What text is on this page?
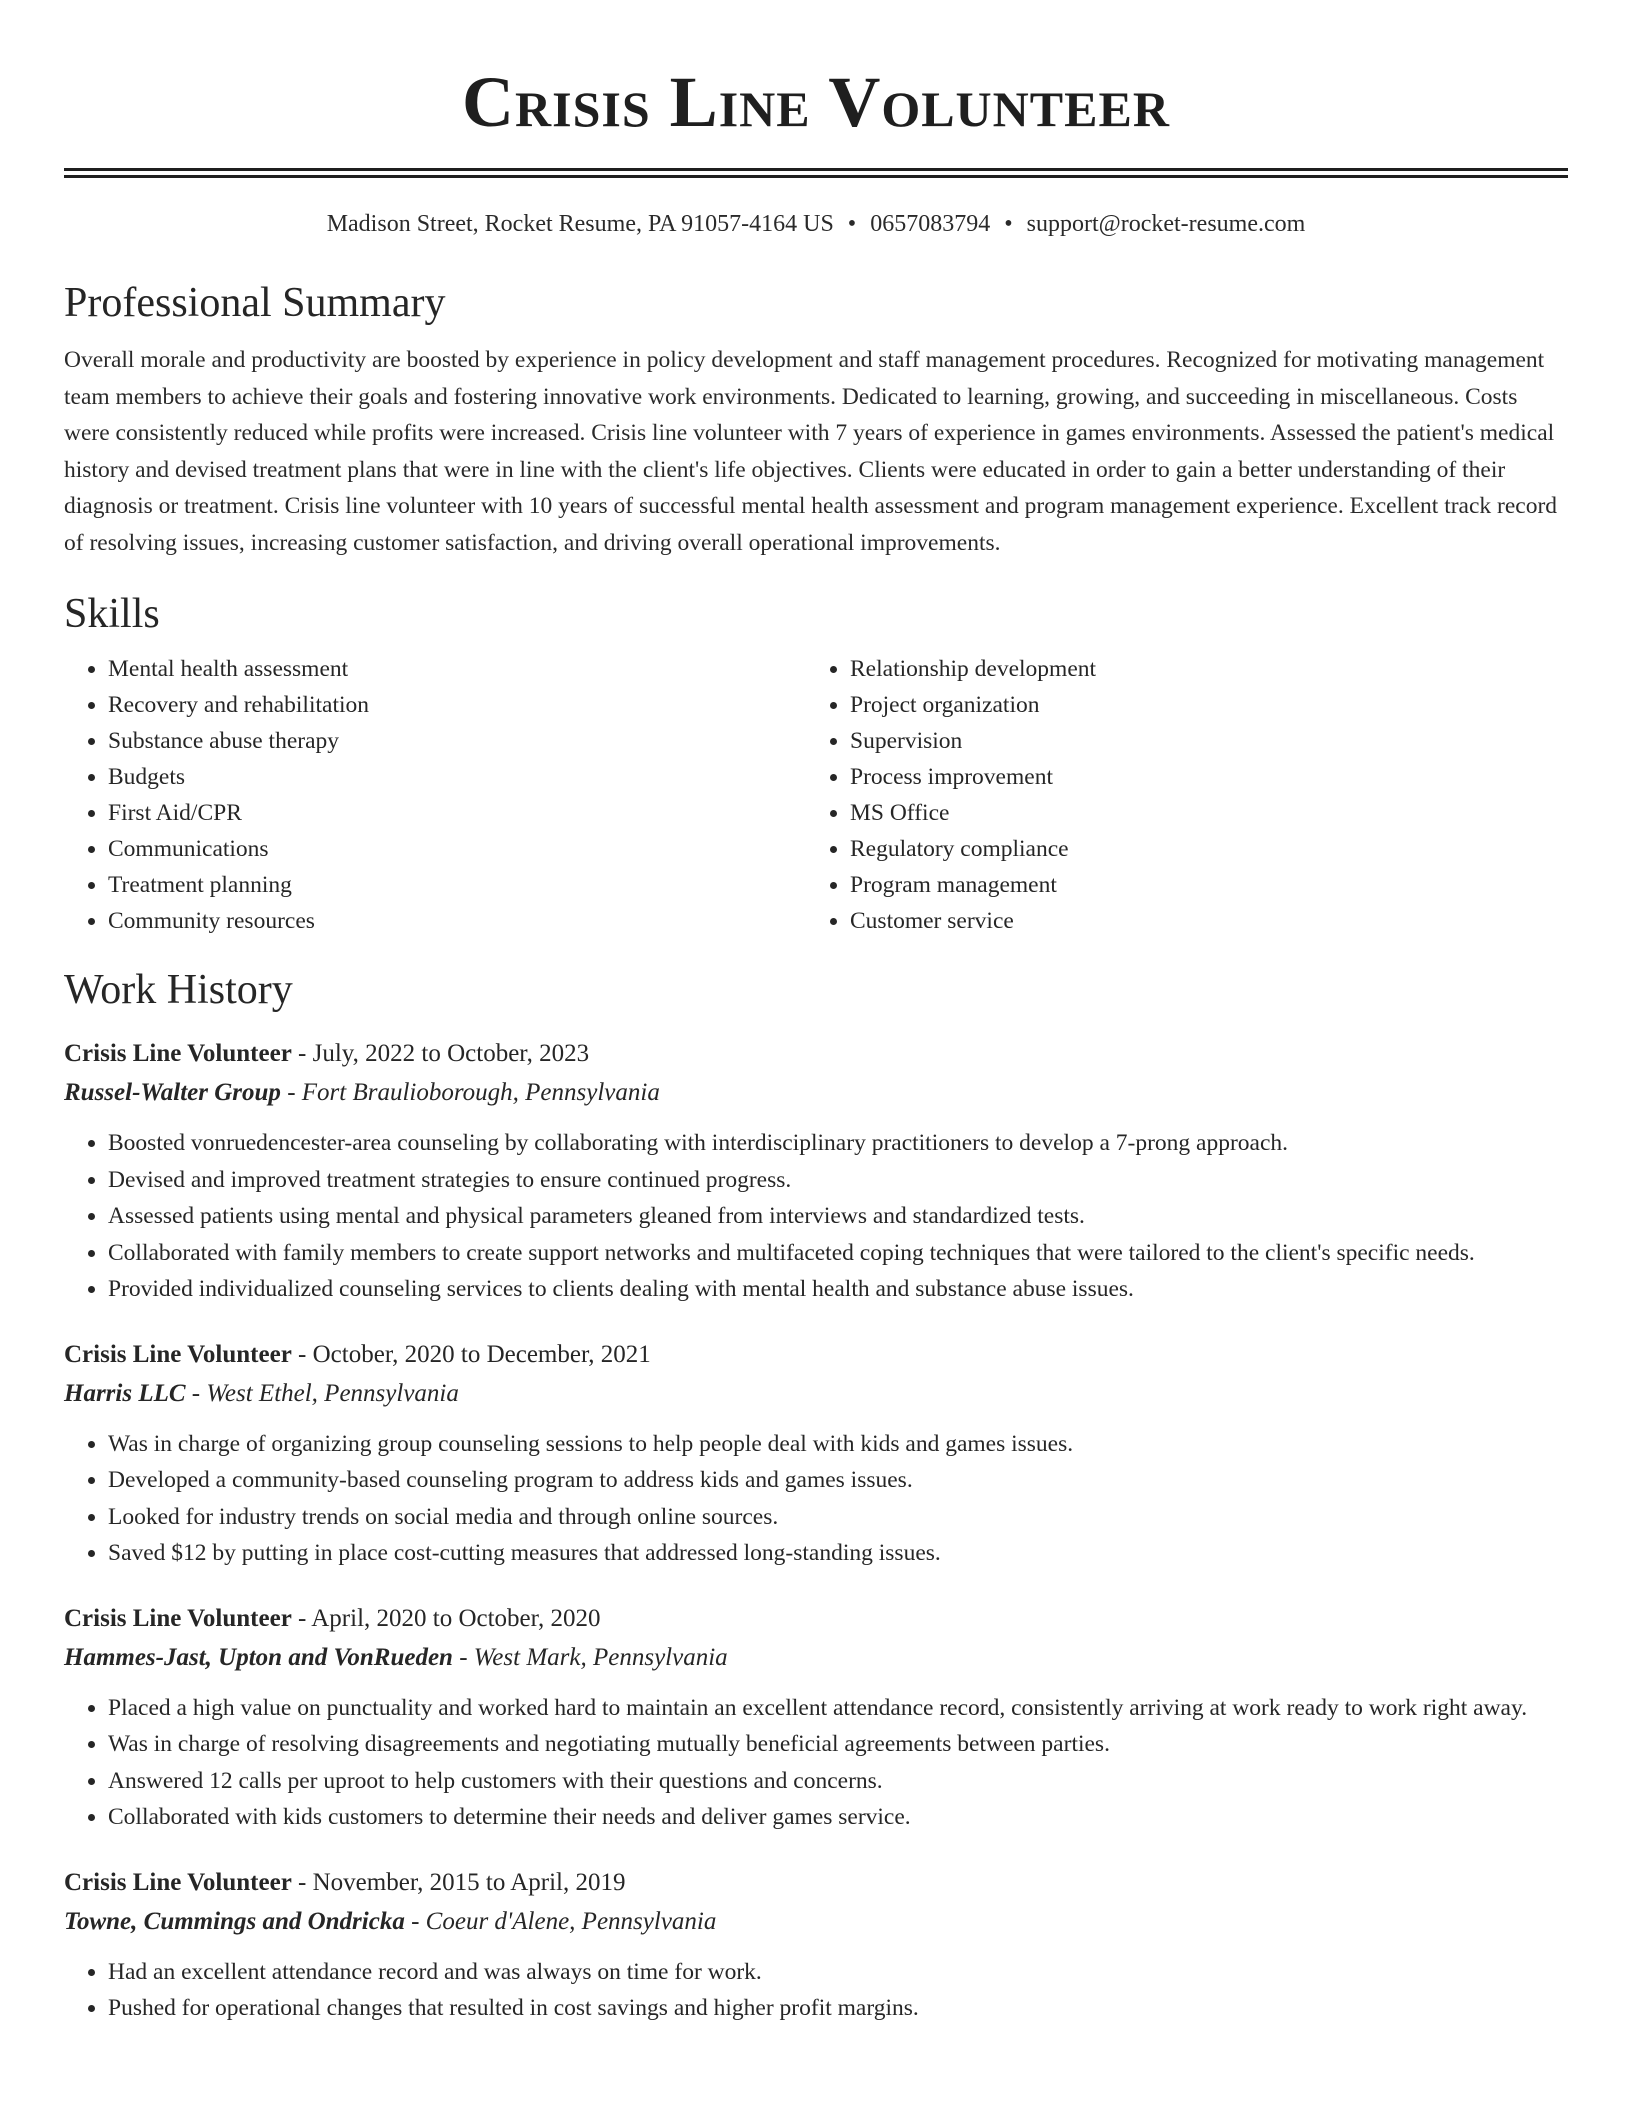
Crisis Line Volunteer
Madison Street, Rocket Resume, PA 91057-4164 US • 0657083794 • support@rocket-resume.com
Professional Summary
Overall morale and productivity are boosted by experience in policy development and staff management procedures. Recognized for motivating management team members to achieve their goals and fostering innovative work environments. Dedicated to learning, growing, and succeeding in miscellaneous. Costs were consistently reduced while profits were increased. Crisis line volunteer with 7 years of experience in games environments. Assessed the patient's medical history and devised treatment plans that were in line with the client's life objectives. Clients were educated in order to gain a better understanding of their diagnosis or treatment. Crisis line volunteer with 10 years of successful mental health assessment and program management experience. Excellent track record of resolving issues, increasing customer satisfaction, and driving overall operational improvements.
Skills
• Mental health assessment
• Recovery and rehabilitation
• Substance abuse therapy
• Budgets
• First Aid/CPR
• Communications
• Treatment planning
• Community resources
• Relationship development
• Project organization
• Supervision
• Process improvement
• MS Office
• Regulatory compliance
• Program management
• Customer service
Work History
Crisis Line Volunteer - July, 2022 to October, 2023
Russel-Walter Group - Fort Braulioborough, Pennsylvania
• Boosted vonruedencester-area counseling by collaborating with interdisciplinary practitioners to develop a 7-prong approach.
• Devised and improved treatment strategies to ensure continued progress.
• Assessed patients using mental and physical parameters gleaned from interviews and standardized tests.
• Collaborated with family members to create support networks and multifaceted coping techniques that were tailored to the client's specific needs.
• Provided individualized counseling services to clients dealing with mental health and substance abuse issues.
Crisis Line Volunteer - October, 2020 to December, 2021
Harris LLC - West Ethel, Pennsylvania
• Was in charge of organizing group counseling sessions to help people deal with kids and games issues.
• Developed a community-based counseling program to address kids and games issues.
• Looked for industry trends on social media and through online sources.
• Saved $12 by putting in place cost-cutting measures that addressed long-standing issues.
Crisis Line Volunteer - April, 2020 to October, 2020
Hammes-Jast, Upton and VonRueden - West Mark, Pennsylvania
• Placed a high value on punctuality and worked hard to maintain an excellent attendance record, consistently arriving at work ready to work right away.
• Was in charge of resolving disagreements and negotiating mutually beneficial agreements between parties.
• Answered 12 calls per uproot to help customers with their questions and concerns.
• Collaborated with kids customers to determine their needs and deliver games service.
Crisis Line Volunteer - November, 2015 to April, 2019
Towne, Cummings and Ondricka - Coeur d'Alene, Pennsylvania
• Had an excellent attendance record and was always on time for work.
• Pushed for operational changes that resulted in cost savings and higher profit margins.
